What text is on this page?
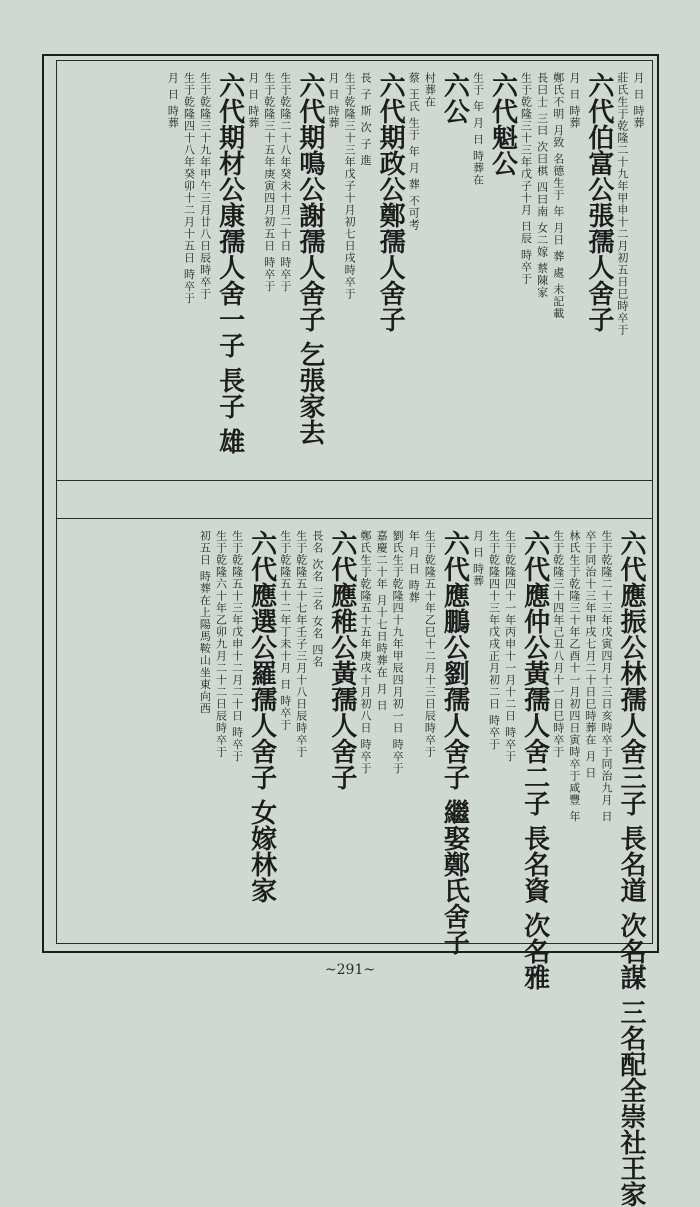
月 日 時葬
莊氏生于乾隆二十九年甲申十二月初五日巳時卒于
六代伯富公張孺人舍子
月 日 時葬
鄭氏不明 月致 名德生于 年 月日 葬 處 未記載
長曰士 三曰 次曰棋 四曰南 女二嫁 蔡陳家
生于乾隆三十三年戊子十月 日辰 時卒于
六代魁公
生于 年 月 日 時葬在
六公
村葬在
蔡 王氏 生于 年 月 葬 不可考
六代期政公鄭孺人舍子
長 子 斯 次 子 進
生于乾隆三十三年戊子十月初七日戌時卒于
月 日 時葬
六代期鳴公謝孺人舍子 乞張家去
生于乾隆二十八年癸未十月二十日 時卒于
生于乾隆三十五年庚寅四月初五日 時卒于
月 日 時葬
六代期材公康孺人舍一子 長子 雄
生于乾隆三十九年甲午三月廿八日辰時卒于
生于乾隆四十八年癸卯十二月十五日 時卒于
月 日 時葬
六代應振公林孺人舍三子 長名道 次名謀 三名配全崇社王家
生于乾隆二十三年戊寅四月十三日亥時卒于同治九月 日
卒于同治十三年甲戌七月二十日巳時葬在 月 日
林氏生于乾隆三十年乙酉十一月初四日寅時卒于咸豐 年
生于乾隆三十四年己丑八月十一日巳時卒于
六代應仲公黃孺人舍二子 長名資 次名雅
生于乾隆四十一年丙申十一月十二日 時卒于
生于乾隆四十三年戊戌正月初二日 時卒于
月 日 時葬
六代應鵬公劉孺人舍子 繼娶鄭氏舍子
生于乾隆五十年乙巳十二月十三日辰時卒于
年 月 日 時葬
劉氏生于乾隆四十九年甲辰四月初一日 時卒于
嘉慶二十年 月十七日時葬在 月 日
鄭氏生于乾隆五十五年庚戌十月初八日 時卒于
六代應稚公黃孺人舍子
長名 次名 三名 女名 四名
生于乾隆五十七年壬子三月十八日辰時卒于
生于乾隆五十二年丁未十月 日 時卒于
六代應選公羅孺人舍子 女嫁林家
生于乾隆五十三年戊申十二月二十日 時卒于
生于乾隆六十年乙卯九月二十二日辰時卒于
初五日 時葬在上陽馬鞍山坐東向西
~291~
